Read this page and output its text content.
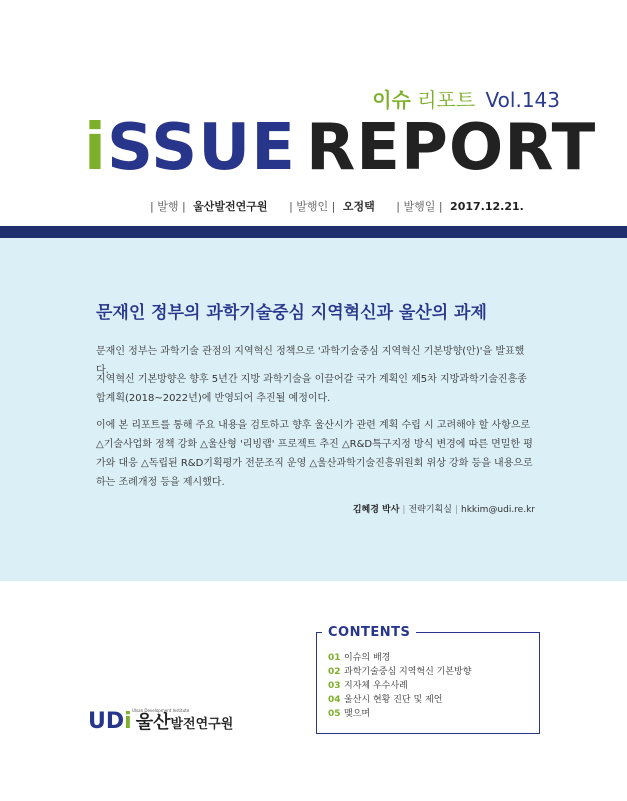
이슈 리포트 Vol.143
iSSUE REPORT
| 발행 | 울산발전연구원 | 발행인 | 오정택 | 발행일 | 2017.12.21.
문재인 정부의 과학기술중심 지역혁신과 울산의 과제
문재인 정부는 과학기술 관점의 지역혁신 정책으로 '과학기술중심 지역혁신 기본방향(안)'을 발표했다.
지역혁신 기본방향은 향후 5년간 지방 과학기술을 이끌어갈 국가 계획인 제5차 지방과학기술진흥종합계획(2018~2022년)에 반영되어 추진될 예정이다.
이에 본 리포트를 통해 주요 내용을 검토하고 향후 울산시가 관련 계획 수립 시 고려해야 할 사항으로 △기술사업화 정책 강화 △울산형 '리빙랩' 프로젝트 추진 △R&D특구지정 방식 변경에 따른 면밀한 평가와 대응 △독립된 R&D기획평가 전문조직 운영 △울산과학기술진흥위원회 위상 강화 등을 내용으로 하는 조례개정 등을 제시했다.
김혜경 박사 | 전략기획실 | hkkim@udi.re.kr
CONTENTS
01 이슈의 배경
02 과학기술중심 지역혁신 기본방향
03 지자체 우수사례
04 울산시 현황 진단 및 제언
05 맺으며
Ulsan Development Institute
UDi 울산발전연구원
